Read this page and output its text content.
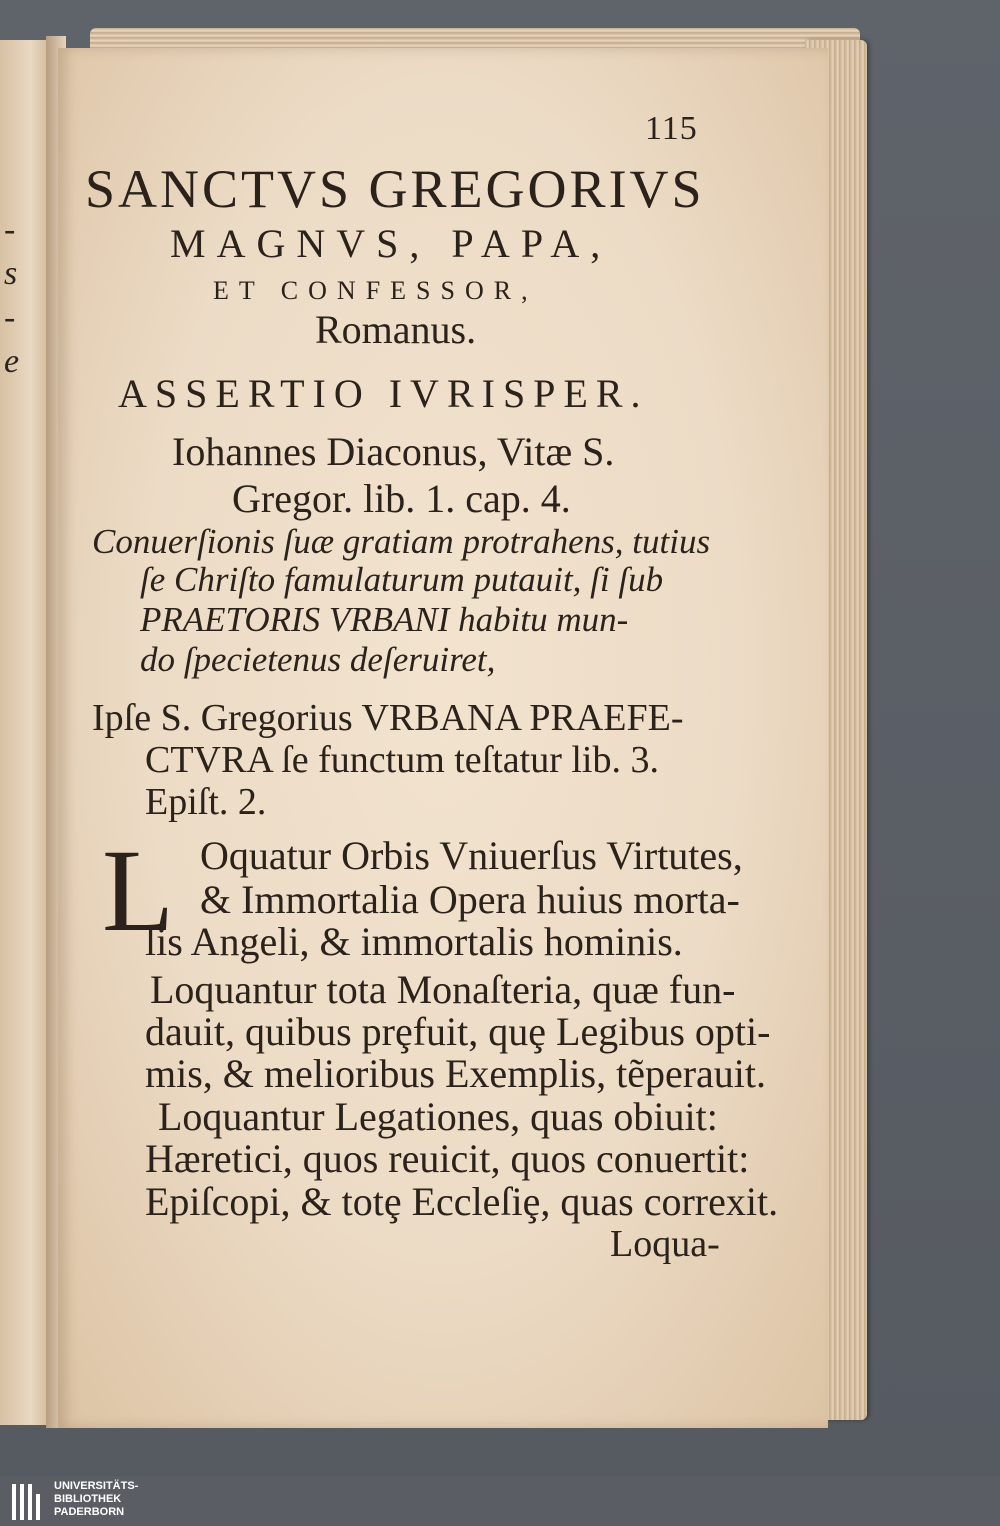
-
s
-
e
115
SANCTVS GREGORIVS
MAGNVS, PAPA,
ET CONFESSOR,
Romanus.
ASSERTIO IVRISPER.
Iohannes Diaconus, Vitæ S.
Gregor. lib. 1. cap. 4.
Conuerſionis ſuæ gratiam protrahens, tutius
ſe Chriſto famulaturum putauit, ſi ſub
PRAETORIS VRBANI habitu mun-
do ſpecietenus deſeruiret,
Ipſe S. Gregorius VRBANA PRAEFE-
CTVRA ſe functum teſtatur lib. 3.
Epiſt. 2.
L Oquatur Orbis Vniuerſus Virtutes,
& Immortalia Opera huius morta-
lis Angeli, & immortalis hominis.
Loquantur tota Monaſteria, quæ fun-
dauit, quibus prȩfuit, quȩ Legibus opti-
mis, & melioribus Exemplis, tẽperauit.
Loquantur Legationes, quas obiuit:
Hæretici, quos reuicit, quos conuertit:
Epiſcopi, & totȩ Eccleſiȩ, quas correxit.
Loqua-
UNIVERSITÄTS-
BIBLIOTHEK
PADERBORN
